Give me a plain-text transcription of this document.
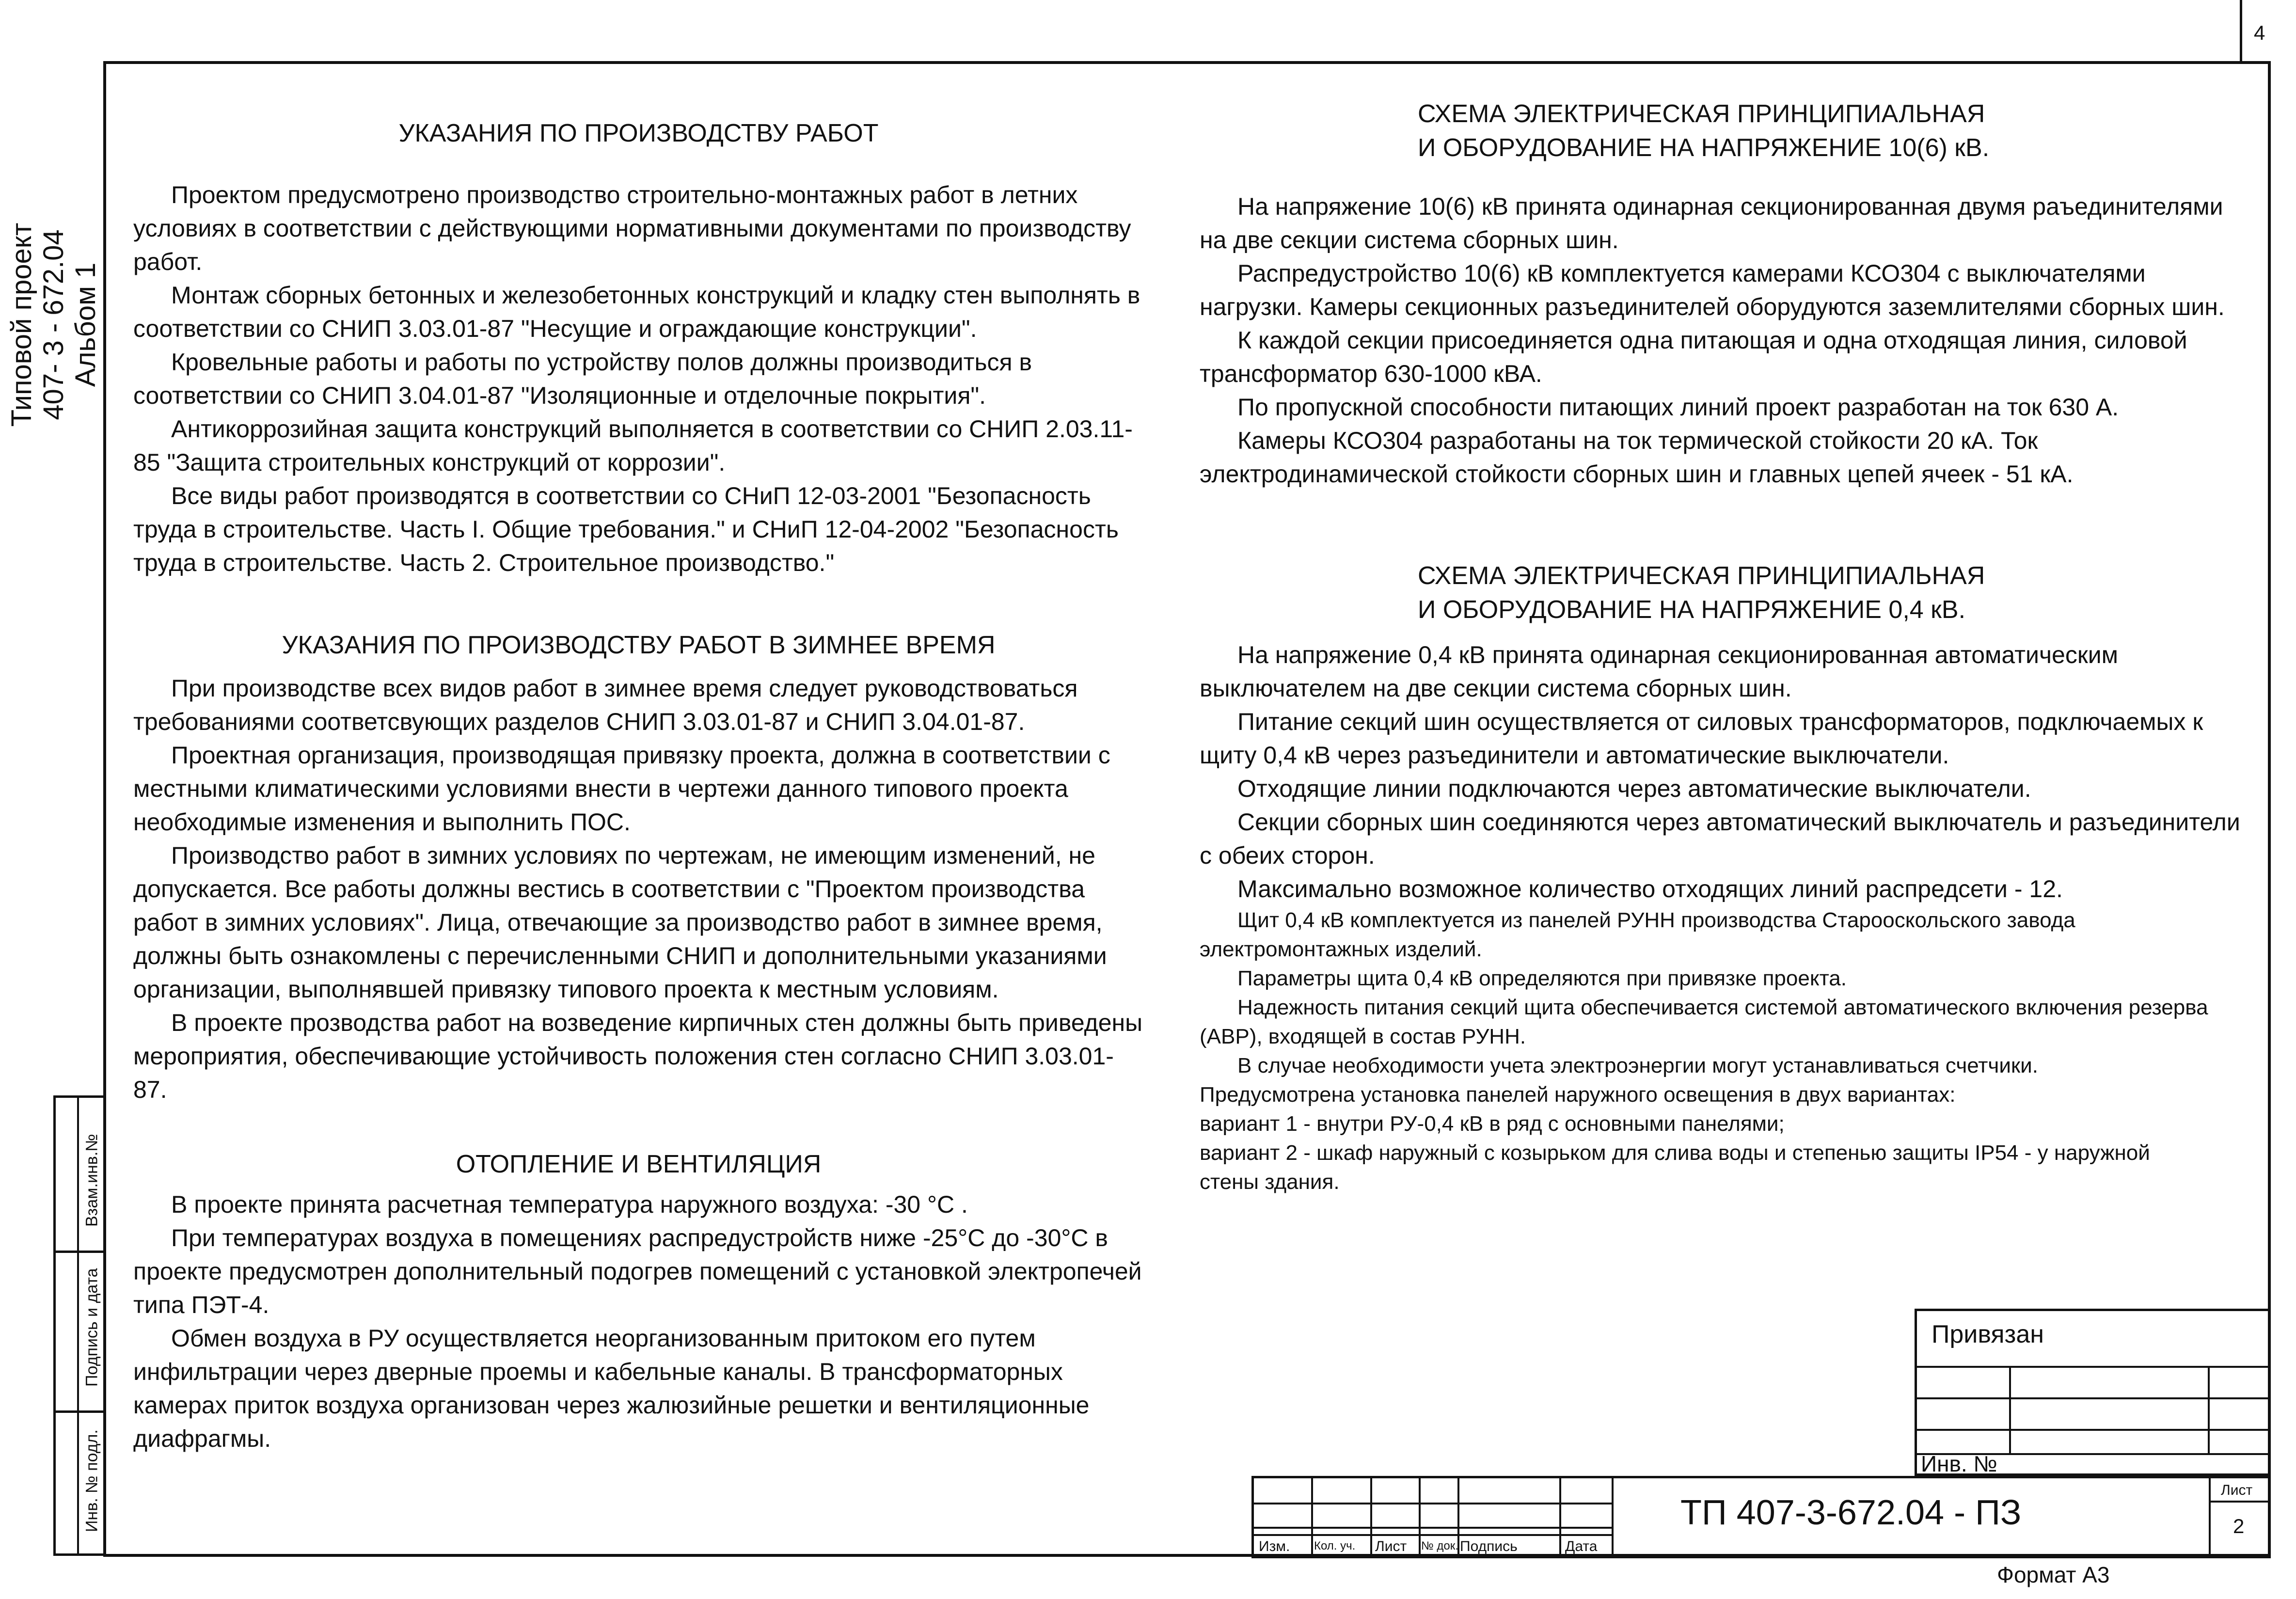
4
Типовой проект 407- 3 - 672.04 Альбом 1

УКАЗАНИЯ ПО ПРОИЗВОДСТВУ РАБОТ

Проектом предусмотрено производство строительно-монтажных работ в летних условиях в соответствии с действующими нормативными документами по производству работ.

Монтаж сборных бетонных и железобетонных конструкций и кладку стен выполнять в соответствии со СНИП 3.03.01-87 "Несущие и ограждающие конструкции".

Кровельные работы и работы по устройству полов должны производиться в соответствии со СНИП 3.04.01-87 "Изоляционные и отделочные покрытия".

Антикоррозийная защита конструкций выполняется в соответствии со СНИП 2.03.11-85 "Защита строительных конструкций от коррозии".

Все виды работ производятся в соответствии со СНиП 12-03-2001 "Безопасность труда в строительстве. Часть I. Общие требования." и СНиП 12-04-2002 "Безопасность труда в строительстве. Часть 2. Строительное производство."

УКАЗАНИЯ ПО ПРОИЗВОДСТВУ РАБОТ В ЗИМНЕЕ ВРЕМЯ

При производстве всех видов работ в зимнее время следует руководствоваться требованиями соответсвующих разделов СНИП 3.03.01-87 и СНИП 3.04.01-87.

Проектная организация, производящая привязку проекта, должна в соответствии с местными климатическими условиями внести в чертежи данного типового проекта необходимые изменения и выполнить ПОС.

Производство работ в зимних условиях по чертежам, не имеющим изменений, не допускается. Все работы должны вестись в соответствии с "Проектом производства работ в зимних условиях". Лица, отвечающие за производство работ в зимнее время, должны быть ознакомлены с перечисленными СНИП и дополнительными указаниями организации, выполнявшей привязку типового проекта к местным условиям.

В проекте прозводства работ на возведение кирпичных стен должны быть приведены мероприятия, обеспечивающие устойчивость положения стен согласно СНИП 3.03.01-87.

ОТОПЛЕНИЕ И ВЕНТИЛЯЦИЯ

В проекте принята расчетная температура наружного воздуха: -30 °С .

При температурах воздуха в помещениях распредустройств ниже -25°С до -30°С в проекте предусмотрен дополнительный подогрев помещений с установкой электропечей типа ПЭТ-4.

Обмен воздуха в РУ осуществляется неорганизованным притоком его путем инфильтрации через дверные проемы и кабельные каналы. В трансформаторных камерах приток воздуха организован через жалюзийные решетки и вентиляционные диафрагмы.

СХЕМА ЭЛЕКТРИЧЕСКАЯ ПРИНЦИПИАЛЬНАЯ

И ОБОРУДОВАНИЕ НА НАПРЯЖЕНИЕ 10(6) кВ.

На напряжение 10(6) кВ принята одинарная секционированная двумя раъединителями на две секции система сборных шин.

Распредустройство 10(6) кВ комплектуется камерами КСО304 с выключателями нагрузки. Камеры секционных разъединителей оборудуются заземлителями сборных шин.

К каждой секции присоединяется одна питающая и одна отходящая линия, силовой трансформатор 630-1000 кВА.

По пропускной способности питающих линий проект разработан на ток 630 А.

Камеры КСО304 разработаны на ток термической стойкости 20 кА. Ток электродинамической стойкости сборных шин и главных цепей ячеек - 51 кА.

СХЕМА ЭЛЕКТРИЧЕСКАЯ ПРИНЦИПИАЛЬНАЯ

И ОБОРУДОВАНИЕ НА НАПРЯЖЕНИЕ 0,4 кВ.

На напряжение 0,4 кВ принята одинарная секционированная автоматическим выключателем на две секции система сборных шин.

Питание секций шин осуществляется от силовых трансформаторов, подключаемых к щиту 0,4 кВ через разъединители и автоматические выключатели.

Отходящие линии подключаются через автоматические выключатели.

Секции сборных шин соединяются через автоматический выключатель и разъединители с обеих сторон.

Максимально возможное количество отходящих линий распредсети - 12.

Щит 0,4 кВ комплектуется из панелей РУНН производства Старооскольского завода электромонтажных изделий.

Параметры щита 0,4 кВ определяются при привязке проекта.

Надежность питания секций щита обеспечивается системой автоматического включения резерва (АВР), входящей в состав РУНН.

В случае необходимости учета электроэнергии могут устанавливаться счетчики.

Предусмотрена установка панелей наружного освещения в двух вариантах:

вариант 1 - внутри РУ-0,4 кВ в ряд с основными панелями;

вариант 2 - шкаф наружный с козырьком для слива воды и степенью защиты IP54 - у наружной стены здания.

Взам.инв.№
Подпись и дата
Инв. № подл.
Привязан
Инв. №
Изм. Кол. уч. Лист № док. Подпись	Дата
ТП 407-3-672.04 - ПЗ
Лист
2
Формат А3
